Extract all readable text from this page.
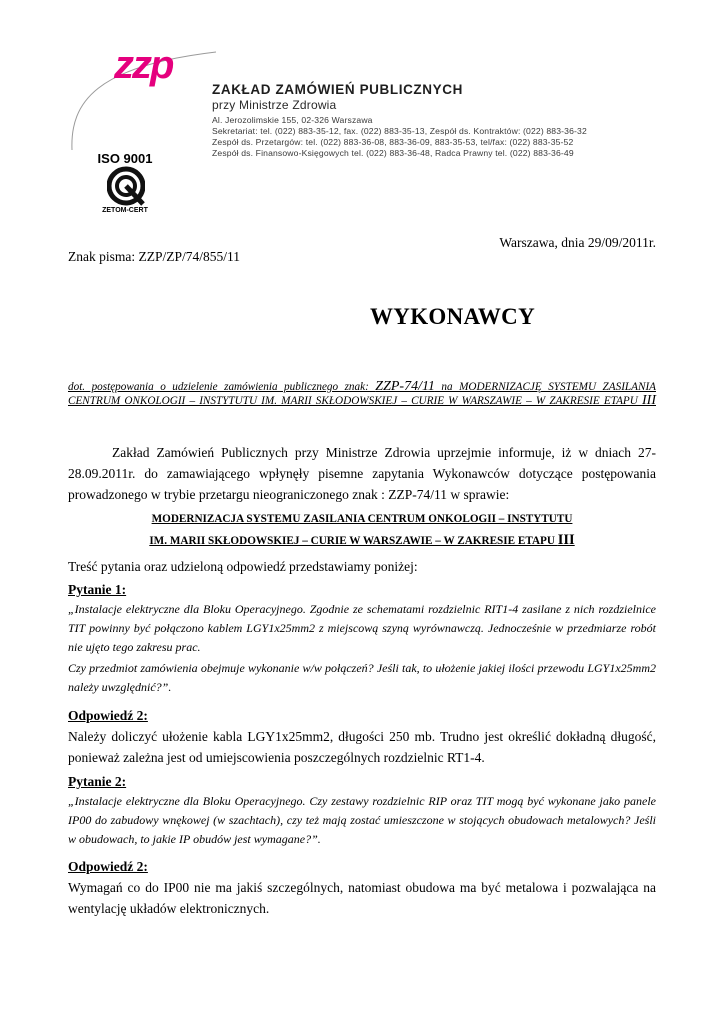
zzp
ZAKŁAD ZAMÓWIEŃ PUBLICZNYCH
przy Ministrze Zdrowia
Al. Jerozolimskie 155, 02-326 Warszawa
Sekretariat: tel. (022) 883-35-12, fax. (022) 883-35-13, Zespół ds. Kontraktów: (022) 883-36-32
Zespół ds. Przetargów: tel. (022) 883-36-08, 883-36-09, 883-35-53, tel/fax: (022) 883-35-52
Zespół ds. Finansowo-Księgowych tel. (022) 883-36-48, Radca Prawny tel. (022) 883-36-49
ISO 9001
ZETOM-CERT
Warszawa, dnia 29/09/2011r.
Znak pisma: ZZP/ZP/74/855/11
WYKONAWCY
dot. postępowania o udzielenie zamówienia publicznego znak: ZZP-74/11 na MODERNIZACJĘ SYSTEMU ZASILANIA CENTRUM ONKOLOGII – INSTYTUTU IM. MARII SKŁODOWSKIEJ – CURIE W WARSZAWIE – W ZAKRESIE ETAPU III

Zakład Zamówień Publicznych przy Ministrze Zdrowia uprzejmie informuje, iż w dniach 27-28.09.2011r. do zamawiającego wpłynęły pisemne zapytania Wykonawców dotyczące postępowania prowadzonego w trybie przetargu nieograniczonego znak : ZZP-74/11 w sprawie:

MODERNIZACJA SYSTEMU ZASILANIA CENTRUM ONKOLOGII – INSTYTUTU
IM. MARII SKŁODOWSKIEJ – CURIE W WARSZAWIE – W ZAKRESIE ETAPU III

Treść pytania oraz udzieloną odpowiedź przedstawiamy poniżej:

Pytanie 1:

„Instalacje elektryczne dla Bloku Operacyjnego. Zgodnie ze schematami rozdzielnic RIT1-4 zasilane z nich rozdzielnice TIT powinny być połączono kablem LGY1x25mm2 z miejscową szyną wyrównawczą. Jednocześnie w przedmiarze robót nie ujęto tego zakresu prac.

Czy przedmiot zamówienia obejmuje wykonanie w/w połączeń? Jeśli tak, to ułożenie jakiej ilości przewodu LGY1x25mm2 należy uwzględnić?”.

Odpowiedź 2:

Należy doliczyć ułożenie kabla LGY1x25mm2, długości 250 mb. Trudno jest określić dokładną długość, ponieważ zależna jest od umiejscowienia poszczególnych rozdzielnic RT1-4.

Pytanie 2:

„Instalacje elektryczne dla Bloku Operacyjnego. Czy zestawy rozdzielnic RIP oraz TIT mogą być wykonane jako panele IP00 do zabudowy wnękowej (w szachtach), czy też mają zostać umieszczone w stojących obudowach metalowych? Jeśli w obudowach, to jakie IP obudów jest wymagane?”.

Odpowiedź 2:

Wymagań co do IP00 nie ma jakiś szczególnych, natomiast obudowa ma być metalowa i pozwalająca na wentylację układów elektronicznych.
